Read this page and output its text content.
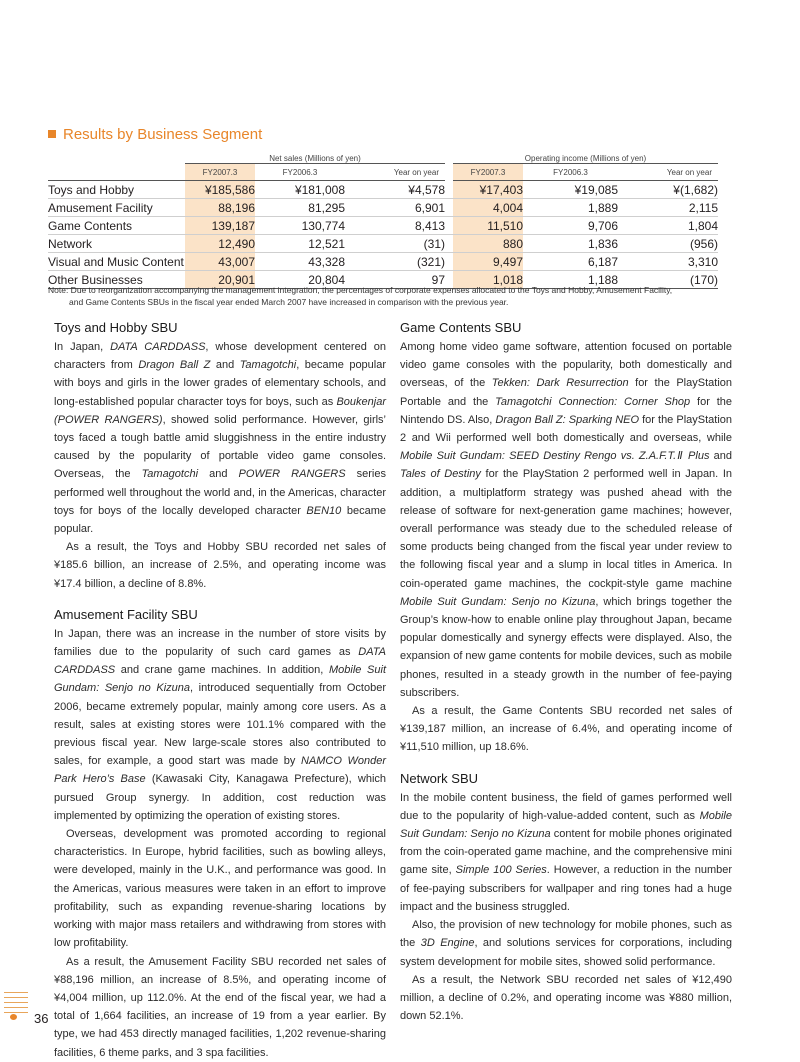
Results by Business Segment
	Net sales (Millions of yen)				Operating income (Millions of yen)		
	FY2007.3	FY2006.3	Year on year		FY2007.3	FY2006.3	Year on year
Toys and Hobby	¥185,586	¥181,008	¥4,578		¥17,403	¥19,085	¥(1,682)
Amusement Facility	88,196	81,295	6,901		4,004	1,889	2,115
Game Contents	139,187	130,774	8,413		11,510	9,706	1,804
Network	12,490	12,521	(31)		880	1,836	(956)
Visual and Music Content	43,007	43,328	(321)		9,497	6,187	3,310
Other Businesses	20,901	20,804	97		1,018	1,188	(170)
Note: Due to reorganization accompanying the management integration, the percentages of corporate expenses allocated to the Toys and Hobby, Amusement Facility,
and Game Contents SBUs in the fiscal year ended March 2007 have increased in comparison with the previous year.
Toys and Hobby SBU

In Japan, DATA CARDDASS, whose development centered on characters from Dragon Ball Z and Tamagotchi, became popular with boys and girls in the lower grades of elementary schools, and long-established popular character toys for boys, such as Boukenjar (POWER RANGERS), showed solid performance. However, girls’ toys faced a tough battle amid sluggishness in the entire industry caused by the popularity of portable video game consoles. Overseas, the Tamagotchi and POWER RANGERS series performed well throughout the world and, in the Americas, character toys for boys of the locally developed character BEN10 became popular.

As a result, the Toys and Hobby SBU recorded net sales of ¥185.6 billion, an increase of 2.5%, and operating income was ¥17.4 billion, a decline of 8.8%.

Amusement Facility SBU

In Japan, there was an increase in the number of store visits by families due to the popularity of such card games as DATA CARDDASS and crane game machines. In addition, Mobile Suit Gundam: Senjo no Kizuna, introduced sequentially from October 2006, became extremely popular, mainly among core users. As a result, sales at existing stores were 101.1% compared with the previous fiscal year. New large-scale stores also contributed to sales, for example, a good start was made by NAMCO Wonder Park Hero’s Base (Kawasaki City, Kanagawa Prefecture), which pursued Group synergy. In addition, cost reduction was implemented by optimizing the operation of existing stores.

Overseas, development was promoted according to regional characteristics. In Europe, hybrid facilities, such as bowling alleys, were developed, mainly in the U.K., and performance was good. In the Americas, various measures were taken in an effort to improve profitability, such as expanding revenue-sharing locations by working with major mass retailers and withdrawing from stores with low profitability.

As a result, the Amusement Facility SBU recorded net sales of ¥88,196 million, an increase of 8.5%, and operating income of ¥4,004 million, up 112.0%. At the end of the fiscal year, we had a total of 1,664 facilities, an increase of 19 from a year earlier. By type, we had 453 directly managed facilities, 1,202 revenue-sharing facilities, 6 theme parks, and 3 spa facilities.

Game Contents SBU

Among home video game software, attention focused on portable video game consoles with the popularity, both domestically and overseas, of the Tekken: Dark Resurrection for the PlayStation Portable and the Tamagotchi Connection: Corner Shop for the Nintendo DS. Also, Dragon Ball Z: Sparking NEO for the PlayStation 2 and Wii performed well both domestically and overseas, while Mobile Suit Gundam: SEED Destiny Rengo vs. Z.A.F.T.Ⅱ Plus and Tales of Destiny for the PlayStation 2 performed well in Japan. In addition, a multiplatform strategy was pushed ahead with the release of software for next-generation game machines; however, overall performance was steady due to the scheduled release of some products being changed from the fiscal year under review to the following fiscal year and a slump in local titles in America. In coin-operated game machines, the cockpit-style game machine Mobile Suit Gundam: Senjo no Kizuna, which brings together the Group’s know-how to enable online play throughout Japan, became popular domestically and synergy effects were displayed. Also, the expansion of new game contents for mobile devices, such as mobile phones, resulted in a steady growth in the number of fee-paying subscribers.

As a result, the Game Contents SBU recorded net sales of ¥139,187 million, an increase of 6.4%, and operating income of ¥11,510 million, up 18.6%.

Network SBU

In the mobile content business, the field of games performed well due to the popularity of high-value-added content, such as Mobile Suit Gundam: Senjo no Kizuna content for mobile phones originated from the coin-operated game machine, and the comprehensive mini game site, Simple 100 Series. However, a reduction in the number of fee-paying subscribers for wallpaper and ring tones had a huge impact and the business struggled.

Also, the provision of new technology for mobile phones, such as the 3D Engine, and solutions services for corporations, including system development for mobile sites, showed solid performance.

As a result, the Network SBU recorded net sales of ¥12,490 million, a decline of 0.2%, and operating income was ¥880 million, down 52.1%.

36
